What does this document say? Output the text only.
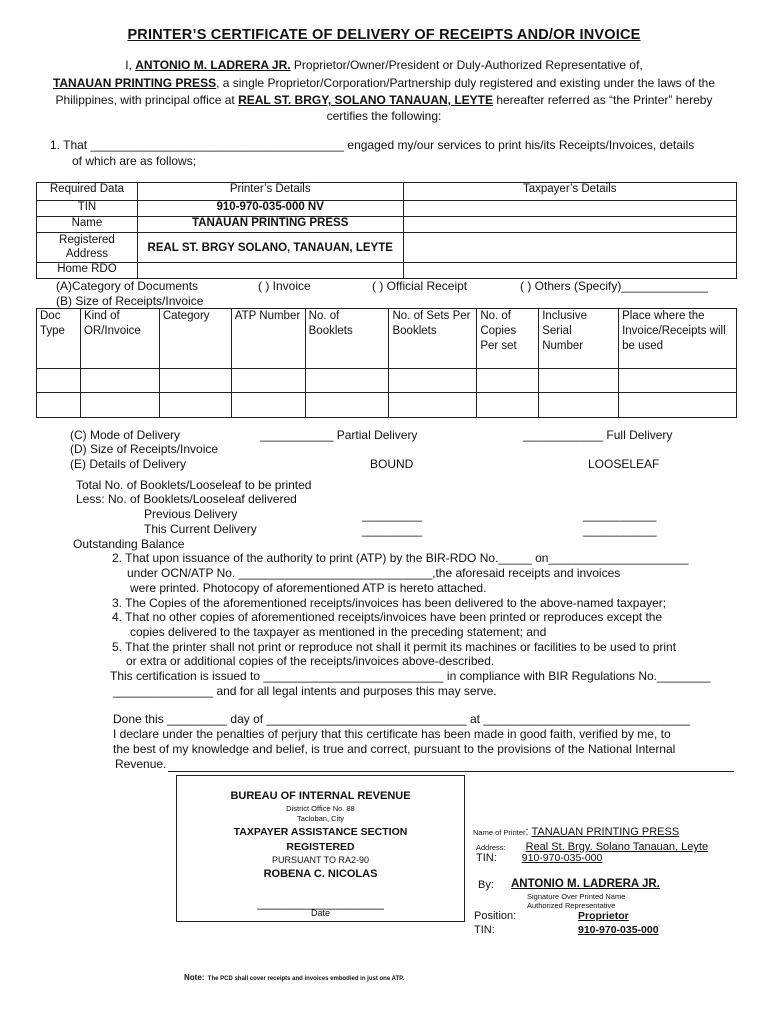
PRINTER’S CERTIFICATE OF DELIVERY OF RECEIPTS AND/OR INVOICE
I, ANTONIO M. LADRERA JR. Proprietor/Owner/President or Duly-Authorized Representative of,
TANAUAN PRINTING PRESS, a single Proprietor/Corporation/Partnership duly registered and existing under the laws of the
Philippines, with principal office at REAL ST. BRGY, SOLANO TANAUAN, LEYTE hereafter referred as “the Printer” hereby
certifies the following:
1. That ______________________________________ engaged my/our services to print his/its Receipts/Invoices, details
of which are as follows;
Required Data	Printer’s Details	Taxpayer’s Details
TIN	910-970-035-000 NV	
Name	TANAUAN PRINTING PRESS	
Registered Address	REAL ST. BRGY SOLANO, TANAUAN, LEYTE	
Home RDO		
(A)Category of Documents	( ) Invoice	( ) Official Receipt	( ) Others (Specify)_____________
(B) Size of Receipts/Invoice
Doc Type	Kind of OR/Invoice	Category	ATP Number	No. of Booklets	No. of Sets Per Booklets	No. of Copies Per set	Inclusive Serial Number	Place where the Invoice/Receipts will be used

(C) Mode of Delivery	___________ Partial Delivery	____________ Full Delivery
(D) Size of Receipts/Invoice
(E) Details of Delivery	BOUND	LOOSELEAF
Total No. of Booklets/Looseleaf to be printed
Less: No. of Booklets/Looseleaf delivered
Previous Delivery	_________	___________
This Current Delivery	_________	___________
Outstanding Balance
2. That upon issuance of the authority to print (ATP) by the BIR-RDO No._____ on_____________________
under OCN/ATP No. _____________________________,the aforesaid receipts and invoices
were printed. Photocopy of aforementioned ATP is hereto attached.
3. The Copies of the aforementioned receipts/invoices has been delivered to the above-named taxpayer;
4. That no other copies of aforementioned receipts/invoices have been printed or reproduces except the
copies delivered to the taxpayer as mentioned in the preceding statement; and
5. That the printer shall not print or reproduce not shall it permit its machines or facilities to be used to print
or extra or additional copies of the receipts/invoices above-described.
This certification is issued to ___________________________ in compliance with BIR Regulations No.________
_______________ and for all legal intents and purposes this may serve.
Done this _________ day of ______________________________ at _______________________________
I declare under the penalties of perjury that this certificate has been made in good faith, verified by me, to
the best of my knowledge and belief, is true and correct, pursuant to the provisions of the National Internal
Revenue.
BUREAU OF INTERNAL REVENUE
District Office No. 88
Tacloban, City
TAXPAYER ASSISTANCE SECTION
REGISTERED
PURSUANT TO RA2-90
ROBENA C. NICOLAS
___________________
Date
Name of Printer: TANAUAN PRINTING PRESS
Address: Real St. Brgy. Solano Tanauan, Leyte
TIN: 910-970-035-000
By: ANTONIO M. LADRERA JR.
Signature Over Printed Name
Authorized Representative
Position:	Proprietor
TIN:	910-970-035-000
Note: The PCD shall cover receipts and invoices embodied in just one ATP.
